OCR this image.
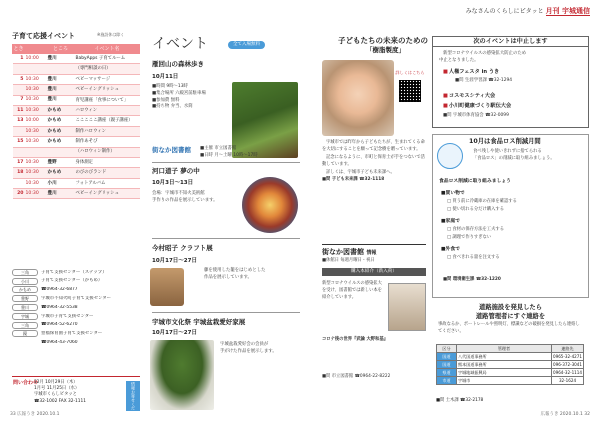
みなさんのくらしにピタッと 月刊 宇城通信
子育て応援イベント	※施設休は除く
とき		ところ	イベント名
1	10:00	豊川	BabyApps 子育てルーム
			（専門相談の日）
5	10:30	豊川	ベビーマッサージ
	10:30	豊川	ベビーイングリッシュ
7	10:30	豊川	育児講座「食事について」
11	10:30	かもめ	ハロウィン
13	10:00	かもめ	こここここ講座（親子講座）
	10:30	かもめ	制作ハロウィン
15	10:30	かもめ	制作あそび
			（ハロウィン制作）
17	10:30	豊野	身体測定
18	10:30	かもめ	のびのびランド
	10:30	小川	フォトアルバム
20	10:30	豊川	ベビーイングリッシュ
三角	子育て支援センター（ステップ）
小川	子育て支援センター（かもめ）
かもめ	☎0964-32-6877
豊野	宇城市不知火町子育て支援センター
豊川	☎0964-32-5538
宇城	宇城市子育て支援センター
三角	☎0964-52-6270
鏡	豊福保育園子育て支援センター
☎0964-43-7060
問い合わせ
12月 10月29日（木）
1月号 11月25日（水）
宇城市くらしビタッと
☎32-1002 FAX 32-1111	情報お寄せください
イベント	全て入場無料
雁回山の森林歩き
10月11日
■時間 9時〜13時
■集合場所 六殿宮前駐車場
■参加費 無料
■持ち物 弁当、水筒
街なか図書館 ■主催 市立図書館
■日時 月〜土曜 10時〜17時
河口道子 夢の中
10月3日〜13日
会場：宇城市不知火美術館
手作りの作品を展示しています。
今村昭子 クラフト展
10月17日〜27日
藤を使用した籠をはじめとした
作品を展示しています。
宇城市文化祭 宇城盆栽愛好家展
10月17日〜27日
宇城盆栽愛好会の会員が
手がけた作品を展示します。
子どもたちの未来のための
「樹脂製度」
詳しくはこちら

宇城市では昨年から子どもたちが、生まれてくる命を大切にすることを願って記念樹を贈っています。

記念になるように、市町と保育士が手をつないで活動しています。

詳しくは、宇城市子ども未来課へ。

■問 子ども未来課 ☎32-1118
街なか図書館 情報
■休館日 毎週月曜日・祝日
購入本紹介（新入荷）
新型コロナウイルスの感染拡大を受け、図書館では新しい本を紹介しています。
コロナ後の世界『武論 大野和基』
■問 市立図書館 ☎0964-22-8222
次のイベントは中止します
新型コロナウイルスの感染拡大防止のため
中止となりました。
■ 人権フェスタ in うき
■問 生涯学習課 ☎32-1294
■ コスモスシティ大会
■ 小川町健康づくり駅伝大会
■問 宇城市体育協会 ☎32-0099
10月は食品ロス削減月間
食べ残しや使いきれずに捨てられる
「食品ロス」の削減に取り組みましょう。
食品ロス削減に取り組みましょう
■買い物で
□ 買う前に冷蔵庫の在庫を確認する
□ 使い切れる分だけ購入する
■家庭で
□ 食材の保存方法を工夫する
□ 調理で作りすぎない
■外食で
□ 食べきれる量を注文する
■問 環境衛生課 ☎32-1220
道路施設を発見したら
道路管理者にすぐ連絡を
事故なるか、ポートレールや照明灯、標識などの破損を発見したら連絡してください。
区分	管理者	連絡先
国道	八代国道事務所	0965-32-4271
国道	熊本国道事務所	096-372-3041
県道	宇城地域振興局	0964-32-1114
市道	宇城市	32-1624
■問 土木課 ☎32-2178
33 広報うき 2020.10.1	広報うき 2020.10.1 32
